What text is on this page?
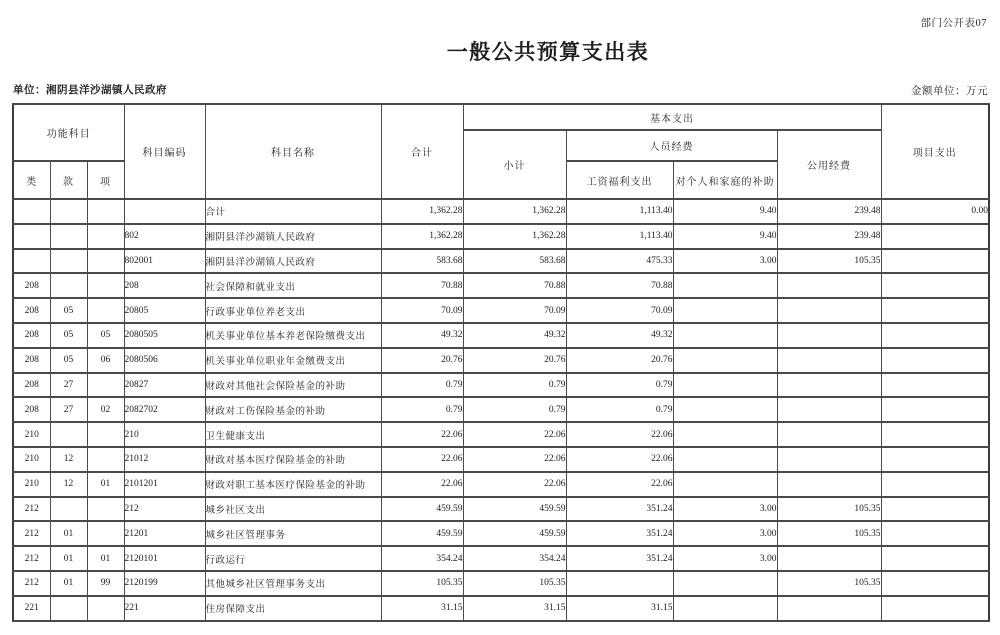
部门公开表07
一般公共预算支出表
单位：湘阴县洋沙湖镇人民政府	金额单位：万元
功能科目			科目编码	科目名称	合计	基本支出				项目支出
						小计	人员经费		公用经费	
类	款	项					工资福利支出	对个人和家庭的补助		
				合计	1,362.28	1,362.28	1,113.40	9.40	239.48	0.00
			802	湘阴县洋沙湖镇人民政府	1,362.28	1,362.28	1,113.40	9.40	239.48	
			802001	湘阴县洋沙湖镇人民政府	583.68	583.68	475.33	3.00	105.35	
208			208	社会保障和就业支出	70.88	70.88	70.88			
208	05		20805	行政事业单位养老支出	70.09	70.09	70.09			
208	05	05	2080505	机关事业单位基本养老保险缴费支出	49.32	49.32	49.32			
208	05	06	2080506	机关事业单位职业年金缴费支出	20.76	20.76	20.76			
208	27		20827	财政对其他社会保险基金的补助	0.79	0.79	0.79			
208	27	02	2082702	财政对工伤保险基金的补助	0.79	0.79	0.79			
210			210	卫生健康支出	22.06	22.06	22.06			
210	12		21012	财政对基本医疗保险基金的补助	22.06	22.06	22.06			
210	12	01	2101201	财政对职工基本医疗保险基金的补助	22.06	22.06	22.06			
212			212	城乡社区支出	459.59	459.59	351.24	3.00	105.35	
212	01		21201	城乡社区管理事务	459.59	459.59	351.24	3.00	105.35	
212	01	01	2120101	行政运行	354.24	354.24	351.24	3.00		
212	01	99	2120199	其他城乡社区管理事务支出	105.35	105.35			105.35	
221			221	住房保障支出	31.15	31.15	31.15			
